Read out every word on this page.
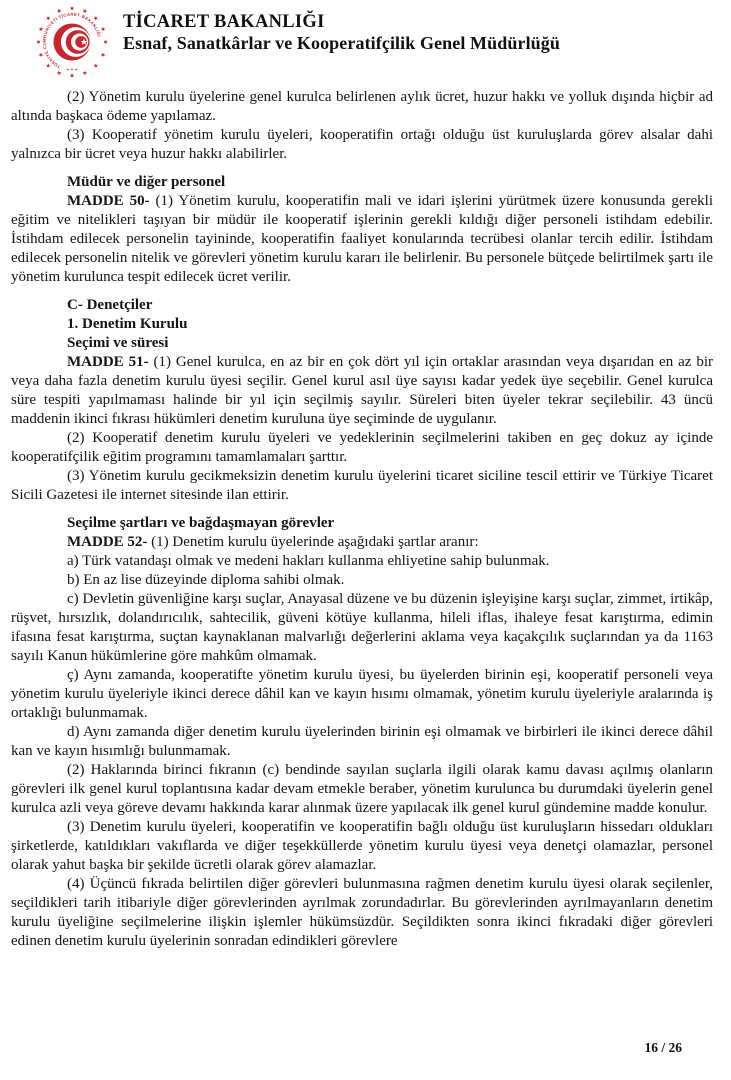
TÜRKİYE CUMHURİYETİ TİCARET BAKANLIĞI
★ ★ ★
TİCARET BAKANLIĞI
Esnaf, Sanatkârlar ve Kooperatifçilik Genel Müdürlüğü

(2) Yönetim kurulu üyelerine genel kurulca belirlenen aylık ücret, huzur hakkı ve yolluk dışında hiçbir ad altında başkaca ödeme yapılamaz.

(3) Kooperatif yönetim kurulu üyeleri, kooperatifin ortağı olduğu üst kuruluşlarda görev alsalar dahi yalnızca bir ücret veya huzur hakkı alabilirler.

Müdür ve diğer personel

MADDE 50- (1) Yönetim kurulu, kooperatifin mali ve idari işlerini yürütmek üzere konusunda gerekli eğitim ve nitelikleri taşıyan bir müdür ile kooperatif işlerinin gerekli kıldığı diğer personeli istihdam edebilir. İstihdam edilecek personelin tayininde, kooperatifin faaliyet konularında tecrübesi olanlar tercih edilir. İstihdam edilecek personelin nitelik ve görevleri yönetim kurulu kararı ile belirlenir. Bu personele bütçede belirtilmek şartı ile yönetim kurulunca tespit edilecek ücret verilir.

C- Denetçiler

1. Denetim Kurulu

Seçimi ve süresi

MADDE 51- (1) Genel kurulca, en az bir en çok dört yıl için ortaklar arasından veya dışarıdan en az bir veya daha fazla denetim kurulu üyesi seçilir. Genel kurul asıl üye sayısı kadar yedek üye seçebilir. Genel kurulca süre tespiti yapılmaması halinde bir yıl için seçilmiş sayılır. Süreleri biten üyeler tekrar seçilebilir. 43 üncü maddenin ikinci fıkrası hükümleri denetim kuruluna üye seçiminde de uygulanır.

(2) Kooperatif denetim kurulu üyeleri ve yedeklerinin seçilmelerini takiben en geç dokuz ay içinde kooperatifçilik eğitim programını tamamlamaları şarttır.

(3) Yönetim kurulu gecikmeksizin denetim kurulu üyelerini ticaret siciline tescil ettirir ve Türkiye Ticaret Sicili Gazetesi ile internet sitesinde ilan ettirir.

Seçilme şartları ve bağdaşmayan görevler

MADDE 52- (1) Denetim kurulu üyelerinde aşağıdaki şartlar aranır:

a) Türk vatandaşı olmak ve medeni hakları kullanma ehliyetine sahip bulunmak.

b) En az lise düzeyinde diploma sahibi olmak.

c) Devletin güvenliğine karşı suçlar, Anayasal düzene ve bu düzenin işleyişine karşı suçlar, zimmet, irtikâp, rüşvet, hırsızlık, dolandırıcılık, sahtecilik, güveni kötüye kullanma, hileli iflas, ihaleye fesat karıştırma, edimin ifasına fesat karıştırma, suçtan kaynaklanan malvarlığı değerlerini aklama veya kaçakçılık suçlarından ya da 1163 sayılı Kanun hükümlerine göre mahkûm olmamak.

ç) Aynı zamanda, kooperatifte yönetim kurulu üyesi, bu üyelerden birinin eşi, kooperatif personeli veya yönetim kurulu üyeleriyle ikinci derece dâhil kan ve kayın hısımı olmamak, yönetim kurulu üyeleriyle aralarında iş ortaklığı bulunmamak.

d) Aynı zamanda diğer denetim kurulu üyelerinden birinin eşi olmamak ve birbirleri ile ikinci derece dâhil kan ve kayın hısımlığı bulunmamak.

(2) Haklarında birinci fıkranın (c) bendinde sayılan suçlarla ilgili olarak kamu davası açılmış olanların görevleri ilk genel kurul toplantısına kadar devam etmekle beraber, yönetim kurulunca bu durumdaki üyelerin genel kurulca azli veya göreve devamı hakkında karar alınmak üzere yapılacak ilk genel kurul gündemine madde konulur.

(3) Denetim kurulu üyeleri, kooperatifin ve kooperatifin bağlı olduğu üst kuruluşların hissedarı oldukları şirketlerde, katıldıkları vakıflarda ve diğer teşekküllerde yönetim kurulu üyesi veya denetçi olamazlar, personel olarak yahut başka bir şekilde ücretli olarak görev alamazlar.

(4) Üçüncü fıkrada belirtilen diğer görevleri bulunmasına rağmen denetim kurulu üyesi olarak seçilenler, seçildikleri tarih itibariyle diğer görevlerinden ayrılmak zorundadırlar. Bu görevlerinden ayrılmayanların denetim kurulu üyeliğine seçilmelerine ilişkin işlemler hükümsüzdür. Seçildikten sonra ikinci fıkradaki diğer görevleri edinen denetim kurulu üyelerinin sonradan edindikleri görevlere

16 / 26
